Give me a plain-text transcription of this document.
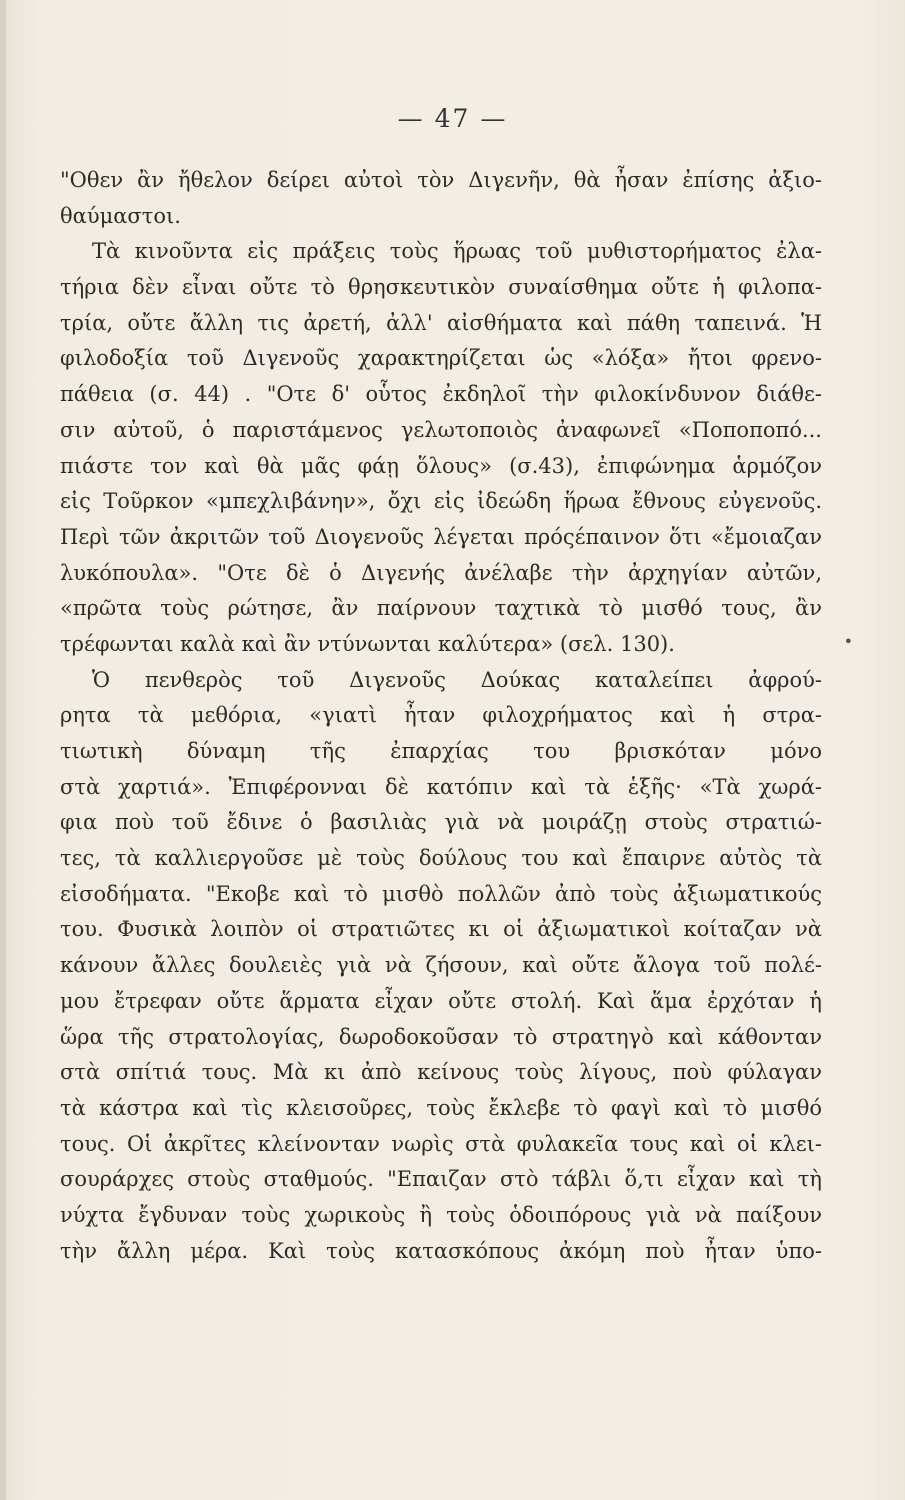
— 47 —
"Οθεν ἂν ἤθελον δείρει αὐτοὶ τὸν Διγενῆν, θὰ ἦσαν ἐπίσης ἀξιο-
θαύμαστοι.
Τὰ κινοῦντα εἰς πράξεις τοὺς ἥρωας τοῦ μυθιστορήματος ἐλα-
τήρια δὲν εἶναι οὔτε τὸ θρησκευτικὸν συναίσθημα οὔτε ἡ φιλοπα-
τρία, οὔτε ἄλλη τις ἀρετή, ἀλλ' αἰσθήματα καὶ πάθη ταπεινά. Ἡ
φιλοδοξία τοῦ Διγενοῦς χαρακτηρίζεται ὡς «λόξα» ἤτοι φρενο-
πάθεια (σ. 44) . "Οτε δ' οὗτος ἐκδηλοῖ τὴν φιλοκίνδυνον διάθε-
σιν αὐτοῦ, ὁ παριστάμενος γελωτοποιὸς ἀναφωνεῖ «Ποποποπό...
πιάστε τον καὶ θὰ μᾶς φάῃ ὅλους» (σ.43), ἐπιφώνημα ἁρμόζον
εἰς Τοῦρκον «μπεχλιβάνην», ὄχι εἰς ἰδεώδη ἥρωα ἔθνους εὐγενοῦς.
Περὶ τῶν ἀκριτῶν τοῦ Διογενοῦς λέγεται πρόςέπαινον ὅτι «ἔμοιαζαν
λυκόπουλα». "Οτε δὲ ὁ Διγενής ἀνέλαβε τὴν ἀρχηγίαν αὐτῶν,
«πρῶτα τοὺς ρώτησε, ἂν παίρνουν ταχτικὰ τὸ μισθό τους, ἂν
τρέφωνται καλὰ καὶ ἂν ντύνωνται καλύτερα» (σελ. 130).
Ὁ πενθερὸς τοῦ Διγενοῦς Δούκας καταλείπει ἀφρού-
ρητα τὰ μεθόρια, «γιατὶ ἦταν φιλοχρήματος καὶ ἡ στρα-
τιωτικὴ δύναμη τῆς ἐπαρχίας του βρισκόταν μόνο
στὰ χαρτιά». Ἐπιφέρονναι δὲ κατόπιν καὶ τὰ ἑξῆς· «Τὰ χωρά-
φια ποὺ τοῦ ἔδινε ὁ βασιλιὰς γιὰ νὰ μοιράζῃ στοὺς στρατιώ-
τες, τὰ καλλιεργοῦσε μὲ τοὺς δούλους του καὶ ἔπαιρνε αὐτὸς τὰ
εἰσοδήματα. "Εκοβε καὶ τὸ μισθὸ πολλῶν ἀπὸ τοὺς ἀξιωματικούς
του. Φυσικὰ λοιπὸν οἱ στρατιῶτες κι οἱ ἀξιωματικοὶ κοίταζαν νὰ
κάνουν ἄλλες δουλειὲς γιὰ νὰ ζήσουν, καὶ οὔτε ἄλογα τοῦ πολέ-
μου ἔτρεφαν οὔτε ἅρματα εἶχαν οὔτε στολή. Καὶ ἅμα ἐρχόταν ἡ
ὥρα τῆς στρατολογίας, δωροδοκοῦσαν τὸ στρατηγὸ καὶ κάθονταν
στὰ σπίτιά τους. Μὰ κι ἀπὸ κείνους τοὺς λίγους, ποὺ φύλαγαν
τὰ κάστρα καὶ τὶς κλεισοῦρες, τοὺς ἔκλεβε τὸ φαγὶ καὶ τὸ μισθό
τους. Οἱ ἀκρῖτες κλείνονταν νωρὶς στὰ φυλακεῖα τους καὶ οἱ κλει-
σουράρχες στοὺς σταθμούς. "Επαιζαν στὸ τάβλι ὅ,τι εἶχαν καὶ τὴ
νύχτα ἔγδυναν τοὺς χωρικοὺς ἢ τοὺς ὁδοιπόρους γιὰ νὰ παίξουν
τὴν ἄλλη μέρα. Καὶ τοὺς κατασκόπους ἀκόμη ποὺ ἦταν ὑπο-
•
